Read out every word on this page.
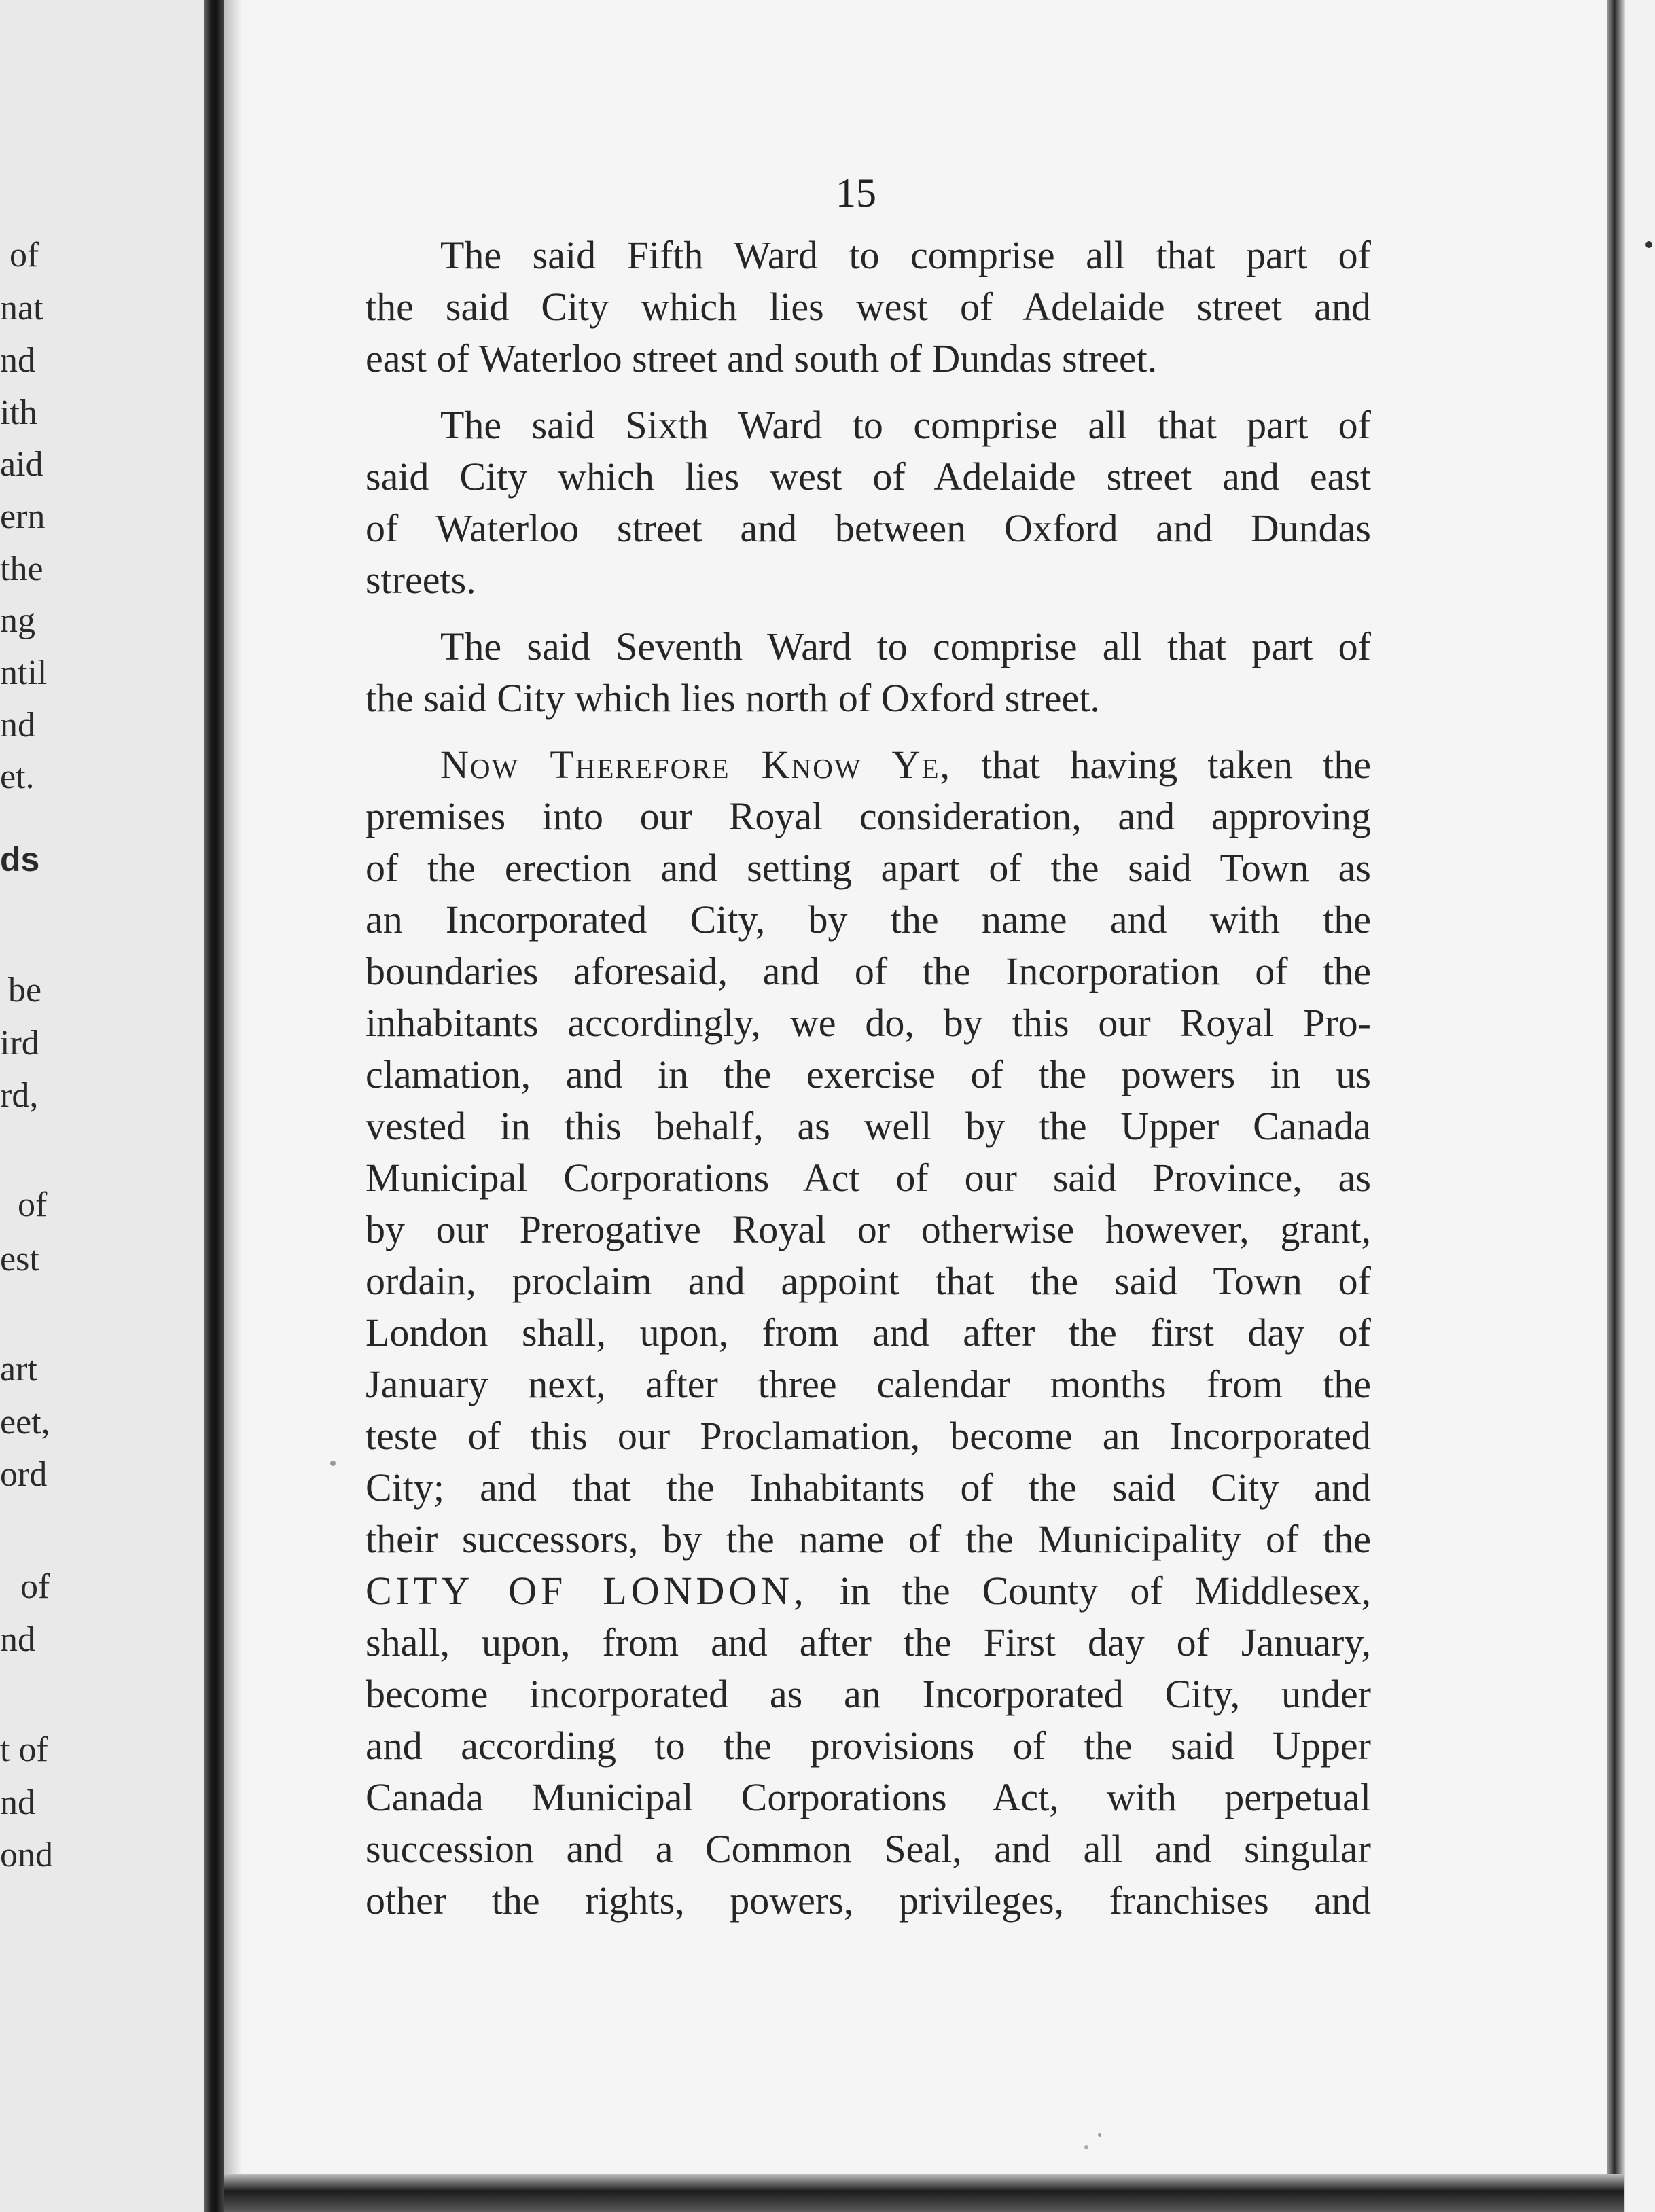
of
nat
nd
ith
aid
ern
the
ng
ntil
nd
et.
ds
be
ird
rd,
of
est
art
eet,
ord
of
nd
t of
nd
ond
15
The said Fifth Ward to comprise all that part of
the said City which lies west of Adelaide street and
east of Waterloo street and south of Dundas street.
The said Sixth Ward to comprise all that part of
said City which lies west of Adelaide street and east
of Waterloo street and between Oxford and Dundas
streets.
The said Seventh Ward to comprise all that part of
the said City which lies north of Oxford street.
Now Therefore Know Ye, that having taken the
premises into our Royal consideration, and approving
of the erection and setting apart of the said Town as
an Incorporated City, by the name and with the
boundaries aforesaid, and of the Incorporation of the
inhabitants accordingly, we do, by this our Royal Pro-
clamation, and in the exercise of the powers in us
vested in this behalf, as well by the Upper Canada
Municipal Corporations Act of our said Province, as
by our Prerogative Royal or otherwise however, grant,
ordain, proclaim and appoint that the said Town of
London shall, upon, from and after the first day of
January next, after three calendar months from the
teste of this our Proclamation, become an Incorporated
City; and that the Inhabitants of the said City and
their successors, by the name of the Municipality of the
CITY OF LONDON, in the County of Middlesex,
shall, upon, from and after the First day of January,
become incorporated as an Incorporated City, under
and according to the provisions of the said Upper
Canada Municipal Corporations Act, with perpetual
succession and a Common Seal, and all and singular
other the rights, powers, privileges, franchises and
